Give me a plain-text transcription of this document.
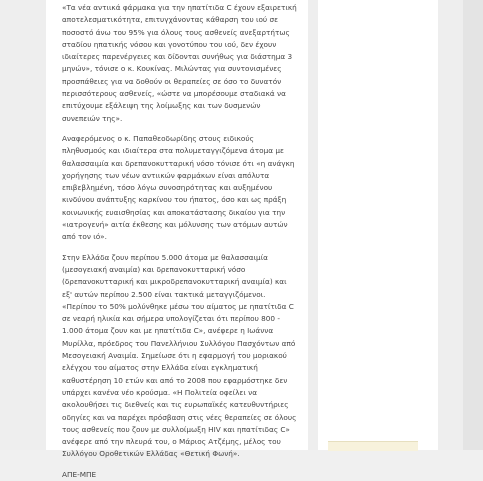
«Τα νέα αντιικά φάρμακα για την ηπατίτιδα C έχουν εξαιρετική αποτελεσματικότητα, επιτυγχάνοντας κάθαρση του ιού σε ποσοστό άνω του 95% για όλους τους ασθενείς ανεξαρτήτως σταδίου ηπατικής νόσου και γονοτύπου του ιού, δεν έχουν ιδιαίτερες παρενέργειες και δίδονται συνήθως για διάστημα 3 μηνών», τόνισε ο κ. Κουκίνας. Μιλώντας για συντονισμένες προσπάθειες για να δοθούν οι θεραπείες σε όσο το δυνατόν περισσότερους ασθενείς, «ώστε να μπορέσουμε σταδιακά να επιτύχουμε εξάλειψη της λοίμωξης και των δυσμενών συνεπειών της».

Αναφερόμενος ο κ. Παπαθεοδωρίδης στους ειδικούς πληθυσμούς και ιδιαίτερα στα πολυμεταγγιζόμενα άτομα με θαλασσαιμία και δρεπανοκυτταρική νόσο τόνισε ότι «η ανάγκη χορήγησης των νέων αντιικών φαρμάκων είναι απόλυτα επιβεβλημένη, τόσο λόγω συνοσηρότητας και αυξημένου κινδύνου ανάπτυξης καρκίνου του ήπατος, όσο και ως πράξη κοινωνικής ευαισθησίας και αποκατάστασης δικαίου για την «ιατρογενή» αιτία έκθεσης και μόλυνσης των ατόμων αυτών από τον ιό».

Στην Ελλάδα ζουν περίπου 5.000 άτομα με θαλασσαιμία (μεσογειακή αναιμία) και δρεπανοκυτταρική νόσο (δρεπανοκυτταρική και μικροδρεπανοκυτταρική αναιμία) και εξ' αυτών περίπου 2.500 είναι τακτικά μεταγγιζόμενοι. «Περίπου το 50% μολύνθηκε μέσω του αίματος με ηπατίτιδα C σε νεαρή ηλικία και σήμερα υπολογίζεται ότι περίπου 800 - 1.000 άτομα ζουν και με ηπατίτιδα C», ανέφερε η Ιωάννα Μυρίλλα, πρόεδρος του Πανελλήνιου Συλλόγου Πασχόντων από Μεσογειακή Αναιμία. Σημείωσε ότι η εφαρμογή του μοριακού ελέγχου του αίματος στην Ελλάδα είναι εγκληματική καθυστέρηση 10 ετών και από το 2008 που εφαρμόστηκε δεν υπάρχει κανένα νέο κρούσμα. «Η Πολιτεία οφείλει να ακολουθήσει τις διεθνείς και τις ευρωπαϊκές κατευθυντήριες οδηγίες και να παρέχει πρόσβαση στις νέες θεραπείες σε όλους τους ασθενείς που ζουν με συλλοίμωξη HIV και ηπατίτιδας C» ανέφερε από την πλευρά του, ο Μάριος Ατζέμης, μέλος του Συλλόγου Οροθετικών Ελλάδας «Θετική Φωνή».

ΑΠΕ-ΜΠΕ
